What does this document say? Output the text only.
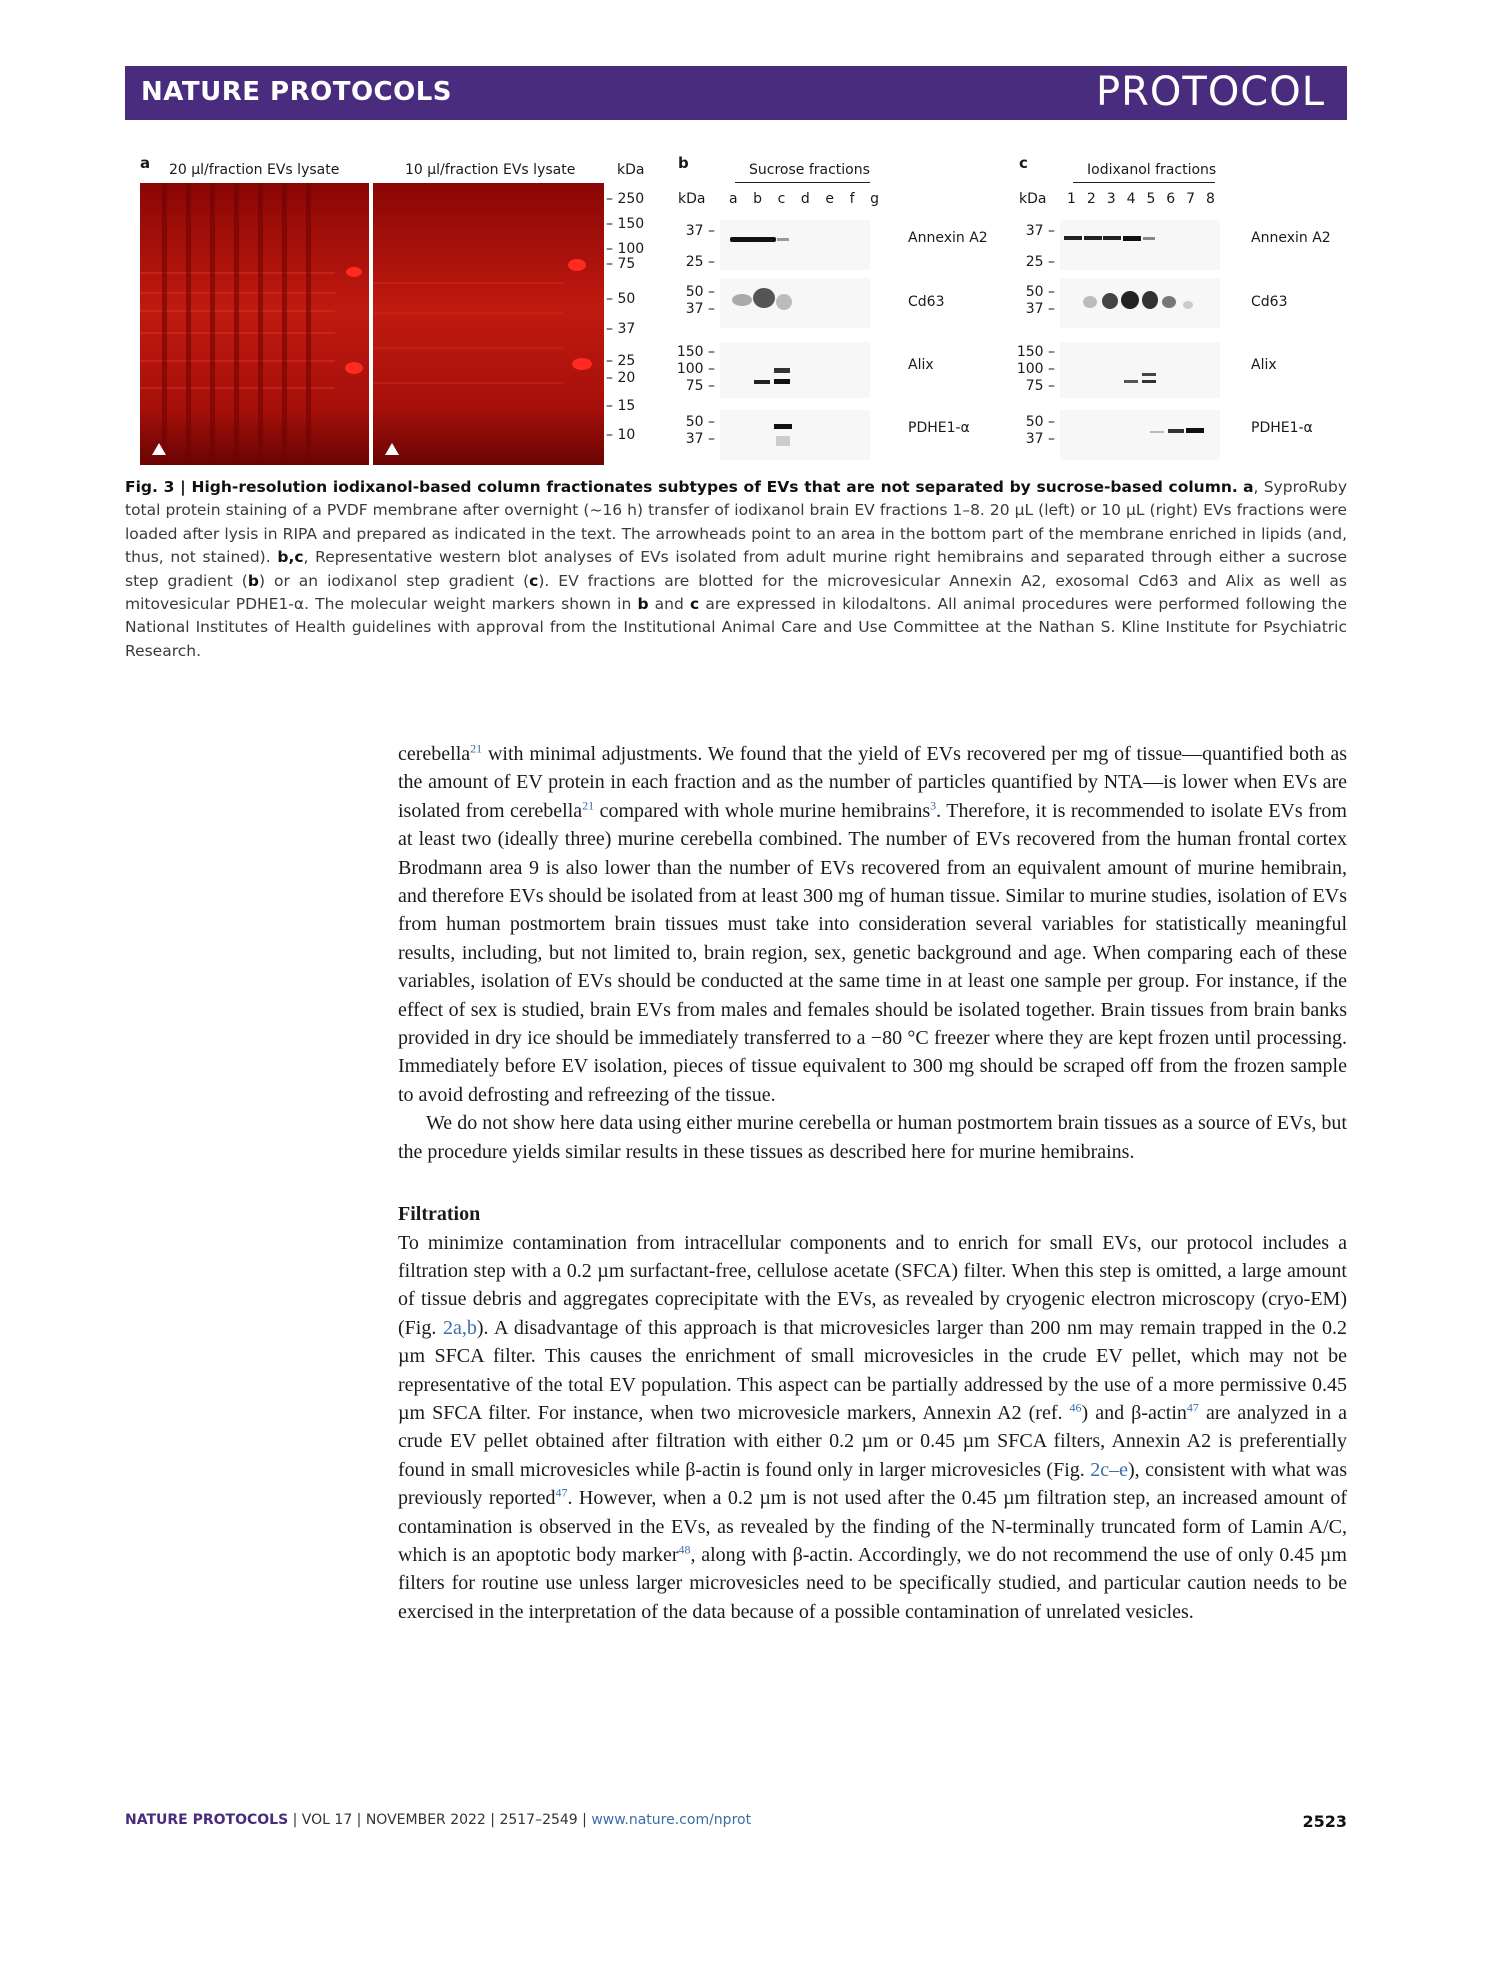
NATURE PROTOCOLS	PROTOCOL
a 20 µl/fraction EVs lysate	10 µl/fraction EVs lysate	kDa
– 250
– 150
– 100
– 75
– 50
– 37
– 25
– 20
– 15
– 10
b	Sucrose fractions
kDa a b c d e f g
c	Iodixanol fractions
kDa 1 2 3 4 5 6 7 8
37 –
25 –
Annexin A2	37 –
25 –
Annexin A2
50 –
37 –	Cd63
50 –
37 –	Cd63
150 –
100 –
75 –
Alix
150 –
100 –
75 –
Alix
50 –
37 –
PDHE1-α	50 –
37 –
PDHE1-α
Fig. 3 | High-resolution iodixanol-based column fractionates subtypes of EVs that are not separated by sucrose-based column. a, SyproRuby total protein staining of a PVDF membrane after overnight (~16 h) transfer of iodixanol brain EV fractions 1–8. 20 µL (left) or 10 µL (right) EVs fractions were loaded after lysis in RIPA and prepared as indicated in the text. The arrowheads point to an area in the bottom part of the membrane enriched in lipids (and, thus, not stained). b,c, Representative western blot analyses of EVs isolated from adult murine right hemibrains and separated through either a sucrose step gradient (b) or an iodixanol step gradient (c). EV fractions are blotted for the microvesicular Annexin A2, exosomal Cd63 and Alix as well as mitovesicular PDHE1-α. The molecular weight markers shown in b and c are expressed in kilodaltons. All animal procedures were performed following the National Institutes of Health guidelines with approval from the Institutional Animal Care and Use Committee at the Nathan S. Kline Institute for Psychiatric Research.

cerebella$^{21}$ with minimal adjustments. We found that the yield of EVs recovered per mg of tissue—quantified both as the amount of EV protein in each fraction and as the number of particles quantified by NTA—is lower when EVs are isolated from cerebella$^{21}$ compared with whole murine hemibrains$^3$. Therefore, it is recommended to isolate EVs from at least two (ideally three) murine cerebella combined. The number of EVs recovered from the human frontal cortex Brodmann area 9 is also lower than the number of EVs recovered from an equivalent amount of murine hemibrain, and therefore EVs should be isolated from at least 300 mg of human tissue. Similar to murine studies, isolation of EVs from human postmortem brain tissues must take into consideration several variables for statistically meaningful results, including, but not limited to, brain region, sex, genetic background and age. When comparing each of these variables, isolation of EVs should be conducted at the same time in at least one sample per group. For instance, if the effect of sex is studied, brain EVs from males and females should be isolated together. Brain tissues from brain banks provided in dry ice should be immediately transferred to a −80 °C freezer where they are kept frozen until processing. Immediately before EV isolation, pieces of tissue equivalent to 300 mg should be scraped off from the frozen sample to avoid defrosting and refreezing of the tissue.

We do not show here data using either murine cerebella or human postmortem brain tissues as a source of EVs, but the procedure yields similar results in these tissues as described here for murine hemibrains.

Filtration

To minimize contamination from intracellular components and to enrich for small EVs, our protocol includes a filtration step with a 0.2 µm surfactant-free, cellulose acetate (SFCA) filter. When this step is omitted, a large amount of tissue debris and aggregates coprecipitate with the EVs, as revealed by cryogenic electron microscopy (cryo-EM) (Fig. 2a,b). A disadvantage of this approach is that microvesicles larger than 200 nm may remain trapped in the 0.2 µm SFCA filter. This causes the enrichment of small microvesicles in the crude EV pellet, which may not be representative of the total EV population. This aspect can be partially addressed by the use of a more permissive 0.45 µm SFCA filter. For instance, when two microvesicle markers, Annexin A2 (ref. $^{46}$) and β-actin$^{47}$ are analyzed in a crude EV pellet obtained after filtration with either 0.2 µm or 0.45 µm SFCA filters, Annexin A2 is preferentially found in small microvesicles while β-actin is found only in larger microvesicles (Fig. 2c–e), consistent with what was previously reported$^{47}$. However, when a 0.2 µm is not used after the 0.45 µm filtration step, an increased amount of contamination is observed in the EVs, as revealed by the finding of the N-terminally truncated form of Lamin A/C, which is an apoptotic body marker$^{48}$, along with β-actin. Accordingly, we do not recommend the use of only 0.45 µm filters for routine use unless larger microvesicles need to be specifically studied, and particular caution needs to be exercised in the interpretation of the data because of a possible contamination of unrelated vesicles.

NATURE PROTOCOLS | VOL 17 | NOVEMBER 2022 | 2517–2549 | www.nature.com/nprot	2523
